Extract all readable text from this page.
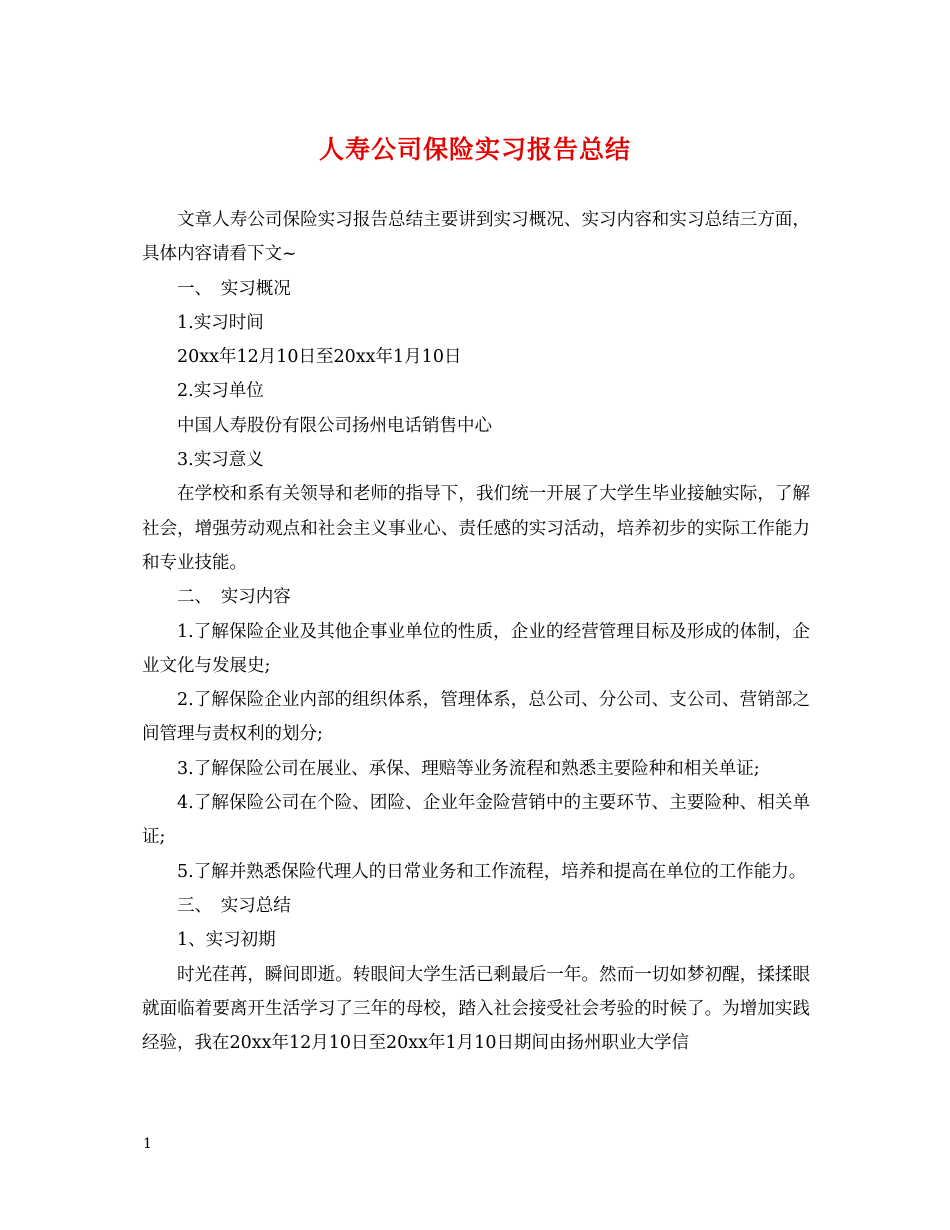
人寿公司保险实习报告总结

文章人寿公司保险实习报告总结主要讲到实习概况、实习内容和实习总结三方面，具体内容请看下文~

一、　实习概况

1.实习时间

20xx年12月10日至20xx年1月10日

2.实习单位

中国人寿股份有限公司扬州电话销售中心

3.实习意义

在学校和系有关领导和老师的指导下，我们统一开展了大学生毕业接触实际，了解社会，增强劳动观点和社会主义事业心、责任感的实习活动，培养初步的实际工作能力和专业技能。

二、　实习内容

1.了解保险企业及其他企事业单位的性质，企业的经营管理目标及形成的体制，企业文化与发展史;

2.了解保险企业内部的组织体系，管理体系，总公司、分公司、支公司、营销部之间管理与责权利的划分;

3.了解保险公司在展业、承保、理赔等业务流程和熟悉主要险种和相关单证;

4.了解保险公司在个险、团险、企业年金险营销中的主要环节、主要险种、相关单证;

5.了解并熟悉保险代理人的日常业务和工作流程，培养和提高在单位的工作能力。

三、　实习总结

1、实习初期

时光荏苒，瞬间即逝。转眼间大学生活已剩最后一年。然而一切如梦初醒，揉揉眼就面临着要离开生活学习了三年的母校，踏入社会接受社会考验的时候了。为增加实践经验，我在20xx年12月10日至20xx年1月10日期间由扬州职业大学信

1
